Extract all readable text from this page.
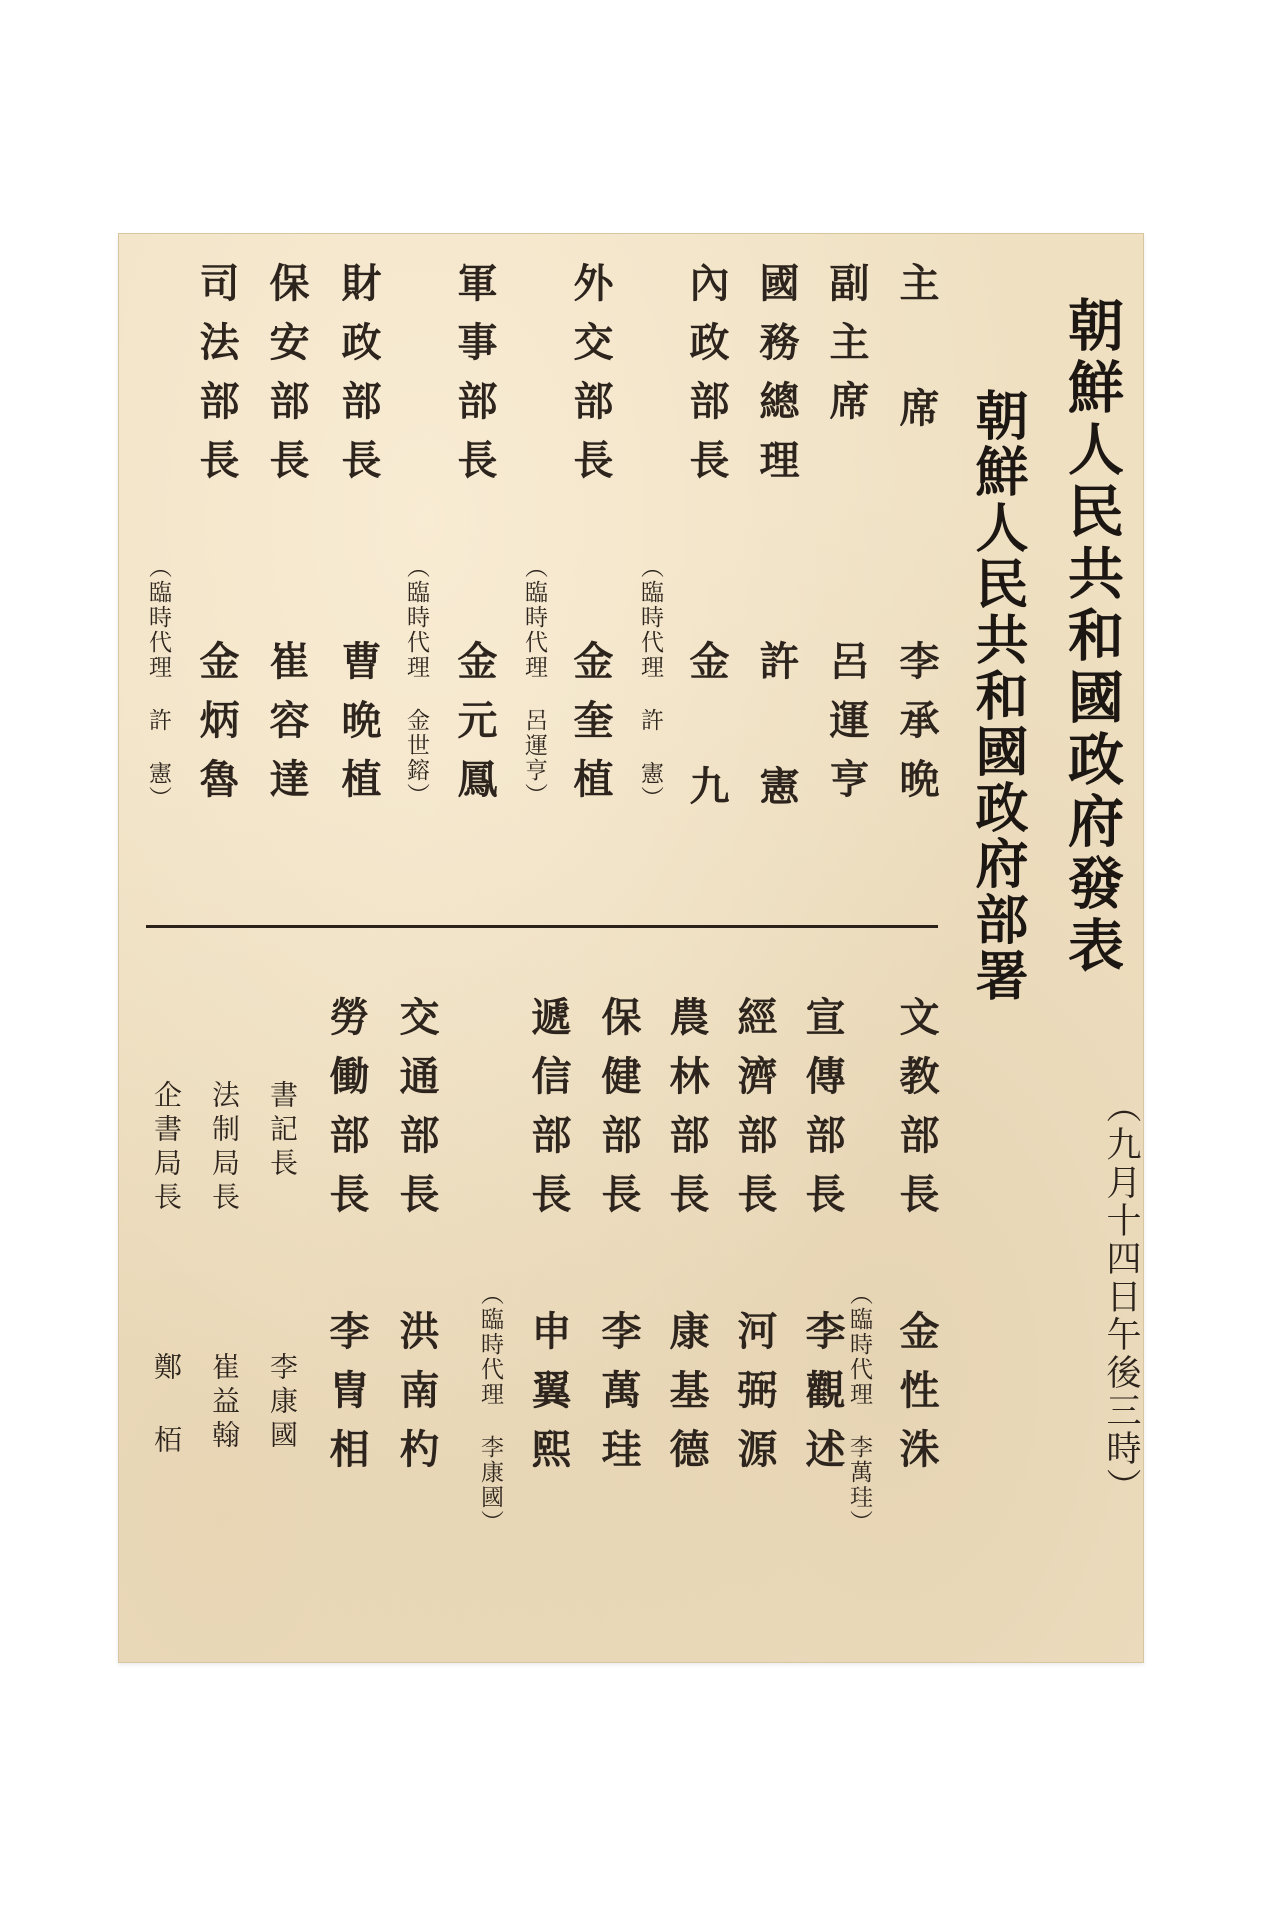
朝鮮人民共和國政府發表
朝鮮人民共和國政府部署
（九月十四日午後三時）
主 席
李承晩
副主席
呂運亨
國務總理
許 憲
內政部長
金 九
（臨時代理 許 憲）
外交部長
金奎植
（臨時代理 呂運亨）
軍事部長
金元鳳
（臨時代理 金世鎔）
財政部長
曹晩植
保安部長
崔容達
司法部長
金炳魯
（臨時代理 許 憲）
文教部長
金性洙
（臨時代理 李萬珪）
宣傳部長
李觀述
經濟部長
河弼源
農林部長
康基德
保健部長
李萬珪
遞信部長
申翼熙
（臨時代理 李康國）
交通部長
洪南杓
勞働部長
李冑相
書記長
李康國
法制局長
崔益翰
企書局長
鄭 栢
